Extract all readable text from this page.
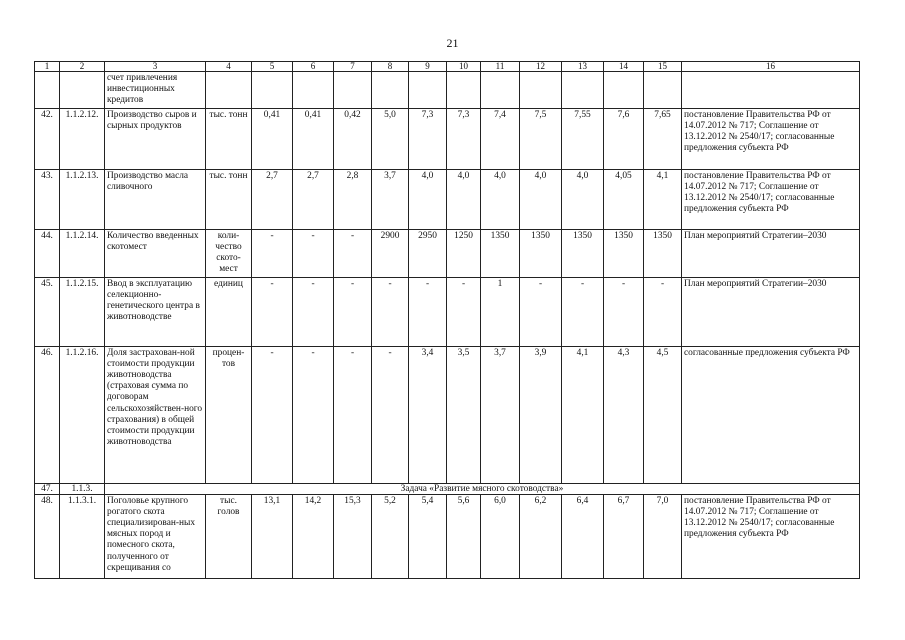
21
1	2	3	4	5	6	7	8	9	10	11	12	13	14	15	16
		счет привлечения инвестиционных кредитов													
42.	1.1.2.12.	Производство сыров и сырных продуктов	тыс. тонн	0,41	0,41	0,42	5,0	7,3	7,3	7,4	7,5	7,55	7,6	7,65	постановление Правительства РФ от 14.07.2012 № 717; Соглашение от 13.12.2012 № 2540/17; согласованные предложения субъекта РФ
43.	1.1.2.13.	Производство масла сливочного	тыс. тонн	2,7	2,7	2,8	3,7	4,0	4,0	4,0	4,0	4,0	4,05	4,1	постановление Правительства РФ от 14.07.2012 № 717; Соглашение от 13.12.2012 № 2540/17; согласованные предложения субъекта РФ
44.	1.1.2.14.	Количество введенных скотомест	коли-чество ското-мест	-	-	-	2900	2950	1250	1350	1350	1350	1350	1350	План мероприятий Стратегии–2030
45.	1.1.2.15.	Ввод в эксплуатацию селекционно-генетического центра в животноводстве	единиц	-	-	-	-	-	-	1	-	-	-	-	План мероприятий Стратегии–2030
46.	1.1.2.16.	Доля застрахован-ной стоимости продукции животноводства (страховая сумма по договорам сельскохозяйствен-ного страхования) в общей стоимости продукции животноводства	процен-тов	-	-	-	-	3,4	3,5	3,7	3,9	4,1	4,3	4,5	согласованные предложения субъекта РФ
47.	1.1.3.	Задача «Развитие мясного скотоводства»													
48.	1.1.3.1.	Поголовье крупного рогатого скота специализирован-ных мясных пород и помесного скота, полученного от скрещивания со	тыс. голов	13,1	14,2	15,3	5,2	5,4	5,6	6,0	6,2	6,4	6,7	7,0	постановление Правительства РФ от 14.07.2012 № 717; Соглашение от 13.12.2012 № 2540/17; согласованные предложения субъекта РФ
